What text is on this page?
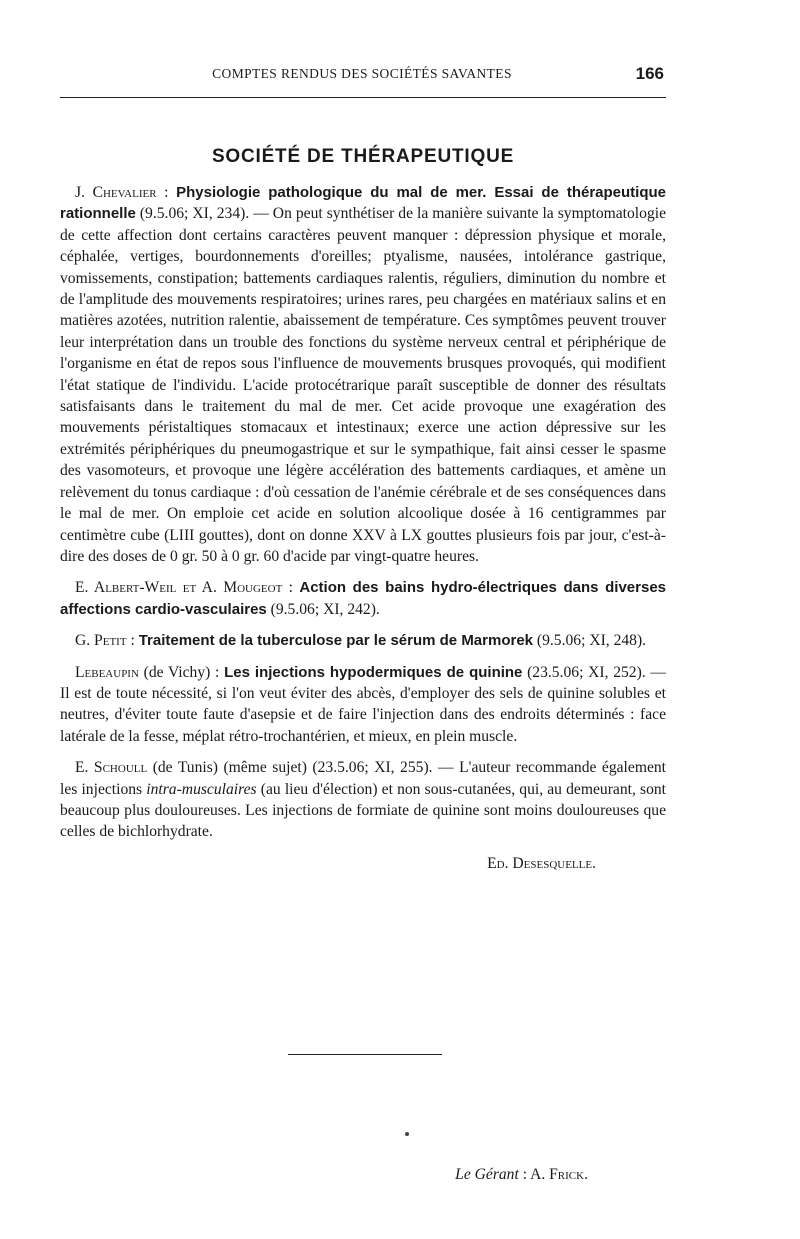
COMPTES RENDUS DES SOCIÉTÉS SAVANTES	166
SOCIÉTÉ DE THÉRAPEUTIQUE

J. Chevalier : Physiologie pathologique du mal de mer. Essai de thérapeutique rationnelle (9.5.06; XI, 234). — On peut synthétiser de la manière suivante la symptomatologie de cette affection dont certains caractères peuvent manquer : dépression physique et morale, céphalée, vertiges, bourdonnements d'oreilles; ptyalisme, nausées, intolérance gastrique, vomissements, constipation; battements cardiaques ralentis, réguliers, diminution du nombre et de l'amplitude des mouvements respiratoires; urines rares, peu chargées en matériaux salins et en matières azotées, nutrition ralentie, abaissement de température. Ces symptômes peuvent trouver leur interprétation dans un trouble des fonctions du système nerveux central et périphérique de l'organisme en état de repos sous l'influence de mouvements brusques provoqués, qui modifient l'état statique de l'individu. L'acide protocétrarique paraît susceptible de donner des résultats satisfaisants dans le traitement du mal de mer. Cet acide provoque une exagération des mouvements péristaltiques stomacaux et intestinaux; exerce une action dépressive sur les extrémités périphériques du pneumogastrique et sur le sympathique, fait ainsi cesser le spasme des vasomoteurs, et provoque une légère accélération des battements cardiaques, et amène un relèvement du tonus cardiaque : d'où cessation de l'anémie cérébrale et de ses conséquences dans le mal de mer. On emploie cet acide en solution alcoolique dosée à 16 centigrammes par centimètre cube (LIII gouttes), dont on donne XXV à LX gouttes plusieurs fois par jour, c'est-à-dire des doses de 0 gr. 50 à 0 gr. 60 d'acide par vingt-quatre heures.

E. Albert-Weil et A. Mougeot : Action des bains hydro-électriques dans diverses affections cardio-vasculaires (9.5.06; XI, 242).

G. Petit : Traitement de la tuberculose par le sérum de Marmorek (9.5.06; XI, 248).

Lebeaupin (de Vichy) : Les injections hypodermiques de quinine (23.5.06; XI, 252). — Il est de toute nécessité, si l'on veut éviter des abcès, d'employer des sels de quinine solubles et neutres, d'éviter toute faute d'asepsie et de faire l'injection dans des endroits déterminés : face latérale de la fesse, méplat rétro-trochantérien, et mieux, en plein muscle.

E. Schoull (de Tunis) (même sujet) (23.5.06; XI, 255). — L'auteur recommande également les injections intra-musculaires (au lieu d'élection) et non sous-cutanées, qui, au demeurant, sont beaucoup plus douloureuses. Les injections de formiate de quinine sont moins douloureuses que celles de bichlorhydrate.

Ed. Desesquelle.
Le Gérant : A. Frick.
